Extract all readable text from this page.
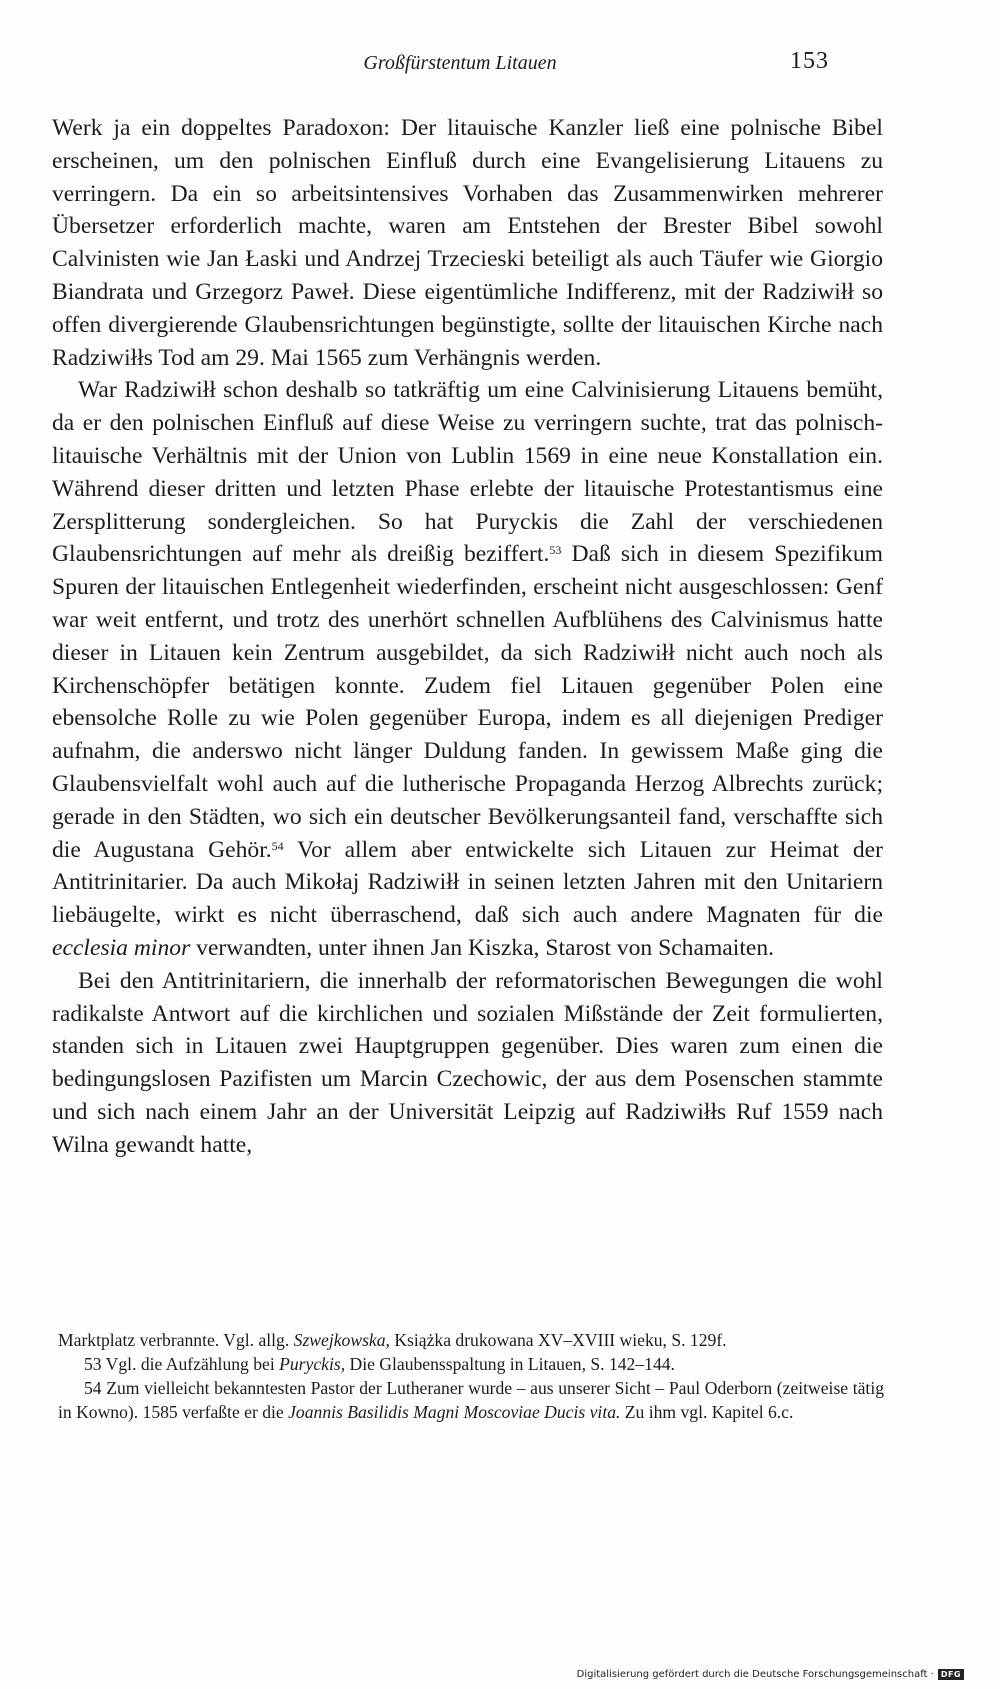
Großfürstentum Litauen	153

Werk ja ein doppeltes Paradoxon: Der litauische Kanzler ließ eine polnische Bibel erscheinen, um den polnischen Einfluß durch eine Evangelisierung Litauens zu verringern. Da ein so arbeitsintensives Vorhaben das Zusammenwirken mehrerer Übersetzer erforderlich machte, waren am Entstehen der Brester Bibel sowohl Calvinisten wie Jan Łaski und Andrzej Trzecieski beteiligt als auch Täufer wie Giorgio Biandrata und Grzegorz Paweł. Diese eigentümliche Indifferenz, mit der Radziwiłł so offen divergierende Glaubensrichtungen begünstigte, sollte der litauischen Kirche nach Radziwiłłs Tod am 29. Mai 1565 zum Verhängnis werden.

War Radziwiłł schon deshalb so tatkräftig um eine Calvinisierung Litauens bemüht, da er den polnischen Einfluß auf diese Weise zu verringern suchte, trat das polnisch-litauische Verhältnis mit der Union von Lublin 1569 in eine neue Konstallation ein. Während dieser dritten und letzten Phase erlebte der litauische Protestantismus eine Zersplitterung sondergleichen. So hat Puryckis die Zahl der verschiedenen Glaubensrichtungen auf mehr als dreißig beziffert.$^{53}$ Daß sich in diesem Spezifikum Spuren der litauischen Entlegenheit wiederfinden, erscheint nicht ausgeschlossen: Genf war weit entfernt, und trotz des unerhört schnellen Aufblühens des Calvinismus hatte dieser in Litauen kein Zentrum ausgebildet, da sich Radziwiłł nicht auch noch als Kirchenschöpfer betätigen konnte. Zudem fiel Litauen gegenüber Polen eine ebensolche Rolle zu wie Polen gegenüber Europa, indem es all diejenigen Prediger aufnahm, die anderswo nicht länger Duldung fanden. In gewissem Maße ging die Glaubensvielfalt wohl auch auf die lutherische Propaganda Herzog Albrechts zurück; gerade in den Städten, wo sich ein deutscher Bevölkerungsanteil fand, verschaffte sich die Augustana Gehör.$^{54}$ Vor allem aber entwickelte sich Litauen zur Heimat der Antitrinitarier. Da auch Mikołaj Radziwiłł in seinen letzten Jahren mit den Unitariern liebäugelte, wirkt es nicht überraschend, daß sich auch andere Magnaten für die ecclesia minor verwandten, unter ihnen Jan Kiszka, Starost von Schamaiten.

Bei den Antitrinitariern, die innerhalb der reformatorischen Bewegungen die wohl radikalste Antwort auf die kirchlichen und sozialen Mißstände der Zeit formulierten, standen sich in Litauen zwei Hauptgruppen gegenüber. Dies waren zum einen die bedingungslosen Pazifisten um Marcin Czechowic, der aus dem Posenschen stammte und sich nach einem Jahr an der Universität Leipzig auf Radziwiłłs Ruf 1559 nach Wilna gewandt hatte,

Marktplatz verbrannte. Vgl. allg. Szwejkowska, Książka drukowana XV–XVIII wieku, S. 129f.

53 Vgl. die Aufzählung bei Puryckis, Die Glaubensspaltung in Litauen, S. 142–144.

54 Zum vielleicht bekanntesten Pastor der Lutheraner wurde – aus unserer Sicht – Paul Oderborn (zeitweise tätig in Kowno). 1585 verfaßte er die Joannis Basilidis Magni Moscoviae Ducis vita. Zu ihm vgl. Kapitel 6.c.

Digitalisierung gefördert durch die Deutsche Forschungsgemeinschaft · DFG
